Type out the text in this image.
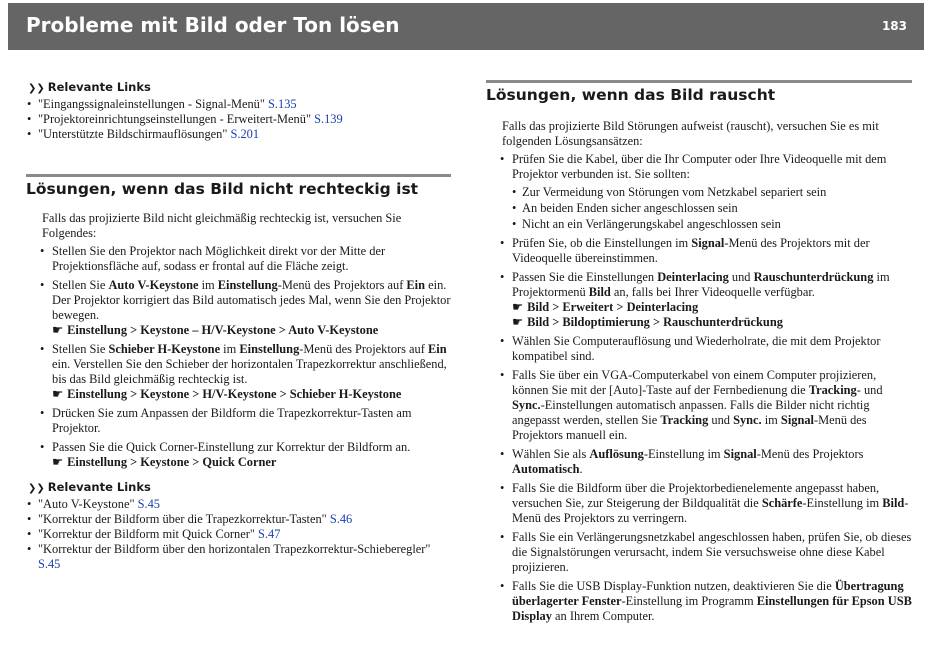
Probleme mit Bild oder Ton lösen	183
❯❯ Relevante Links
• "Eingangssignaleinstellungen - Signal-Menü" S.135
• "Projektoreinrichtungseinstellungen - Erweitert-Menü" S.139
• "Unterstützte Bildschirmauflösungen" S.201
Lösungen, wenn das Bild nicht rechteckig ist

Falls das projizierte Bild nicht gleichmäßig rechteckig ist, versuchen Sie Folgendes:

• Stellen Sie den Projektor nach Möglichkeit direkt vor der Mitte der Projektionsfläche auf, sodass er frontal auf die Fläche zeigt.
• Stellen Sie Auto V-Keystone im Einstellung-Menü des Projektors auf Ein ein. Der Projektor korrigiert das Bild automatisch jedes Mal, wenn Sie den Projektor bewegen.
☛ Einstellung > Keystone – H/V-Keystone > Auto V-Keystone
• Stellen Sie Schieber H-Keystone im Einstellung-Menü des Projektors auf Ein ein. Verstellen Sie den Schieber der horizontalen Trapezkorrektur anschließend, bis das Bild gleichmäßig rechteckig ist.
☛ Einstellung > Keystone > H/V-Keystone > Schieber H-Keystone
• Drücken Sie zum Anpassen der Bildform die Trapezkorrektur-Tasten am Projektor.
• Passen Sie die Quick Corner-Einstellung zur Korrektur der Bildform an.
☛ Einstellung > Keystone > Quick Corner
❯❯ Relevante Links
• "Auto V-Keystone" S.45
• "Korrektur der Bildform über die Trapezkorrektur-Tasten" S.46
• "Korrektur der Bildform mit Quick Corner" S.47
• "Korrektur der Bildform über den horizontalen Trapezkorrektur-Schieberegler" S.45
Lösungen, wenn das Bild rauscht

Falls das projizierte Bild Störungen aufweist (rauscht), versuchen Sie es mit folgenden Lösungsansätzen:

• Prüfen Sie die Kabel, über die Ihr Computer oder Ihre Videoquelle mit dem Projektor verbunden ist. Sie sollten:
• Zur Vermeidung von Störungen vom Netzkabel separiert sein
• An beiden Enden sicher angeschlossen sein
• Nicht an ein Verlängerungskabel angeschlossen sein
• Prüfen Sie, ob die Einstellungen im Signal-Menü des Projektors mit der Videoquelle übereinstimmen.
• Passen Sie die Einstellungen Deinterlacing und Rauschunterdrückung im Projektormenü Bild an, falls bei Ihrer Videoquelle verfügbar.
☛ Bild > Erweitert > Deinterlacing
☛ Bild > Bildoptimierung > Rauschunterdrückung
• Wählen Sie Computerauflösung und Wiederholrate, die mit dem Projektor kompatibel sind.
• Falls Sie über ein VGA-Computerkabel von einem Computer projizieren, können Sie mit der [Auto]-Taste auf der Fernbedienung die Tracking- und Sync.-Einstellungen automatisch anpassen. Falls die Bilder nicht richtig angepasst werden, stellen Sie Tracking und Sync. im Signal-Menü des Projektors manuell ein.
• Wählen Sie als Auflösung-Einstellung im Signal-Menü des Projektors Automatisch.
• Falls Sie die Bildform über die Projektorbedienelemente angepasst haben, versuchen Sie, zur Steigerung der Bildqualität die Schärfe-Einstellung im Bild-Menü des Projektors zu verringern.
• Falls Sie ein Verlängerungsnetzkabel angeschlossen haben, prüfen Sie, ob dieses die Signalstörungen verursacht, indem Sie versuchsweise ohne diese Kabel projizieren.
• Falls Sie die USB Display-Funktion nutzen, deaktivieren Sie die Übertragung überlagerter Fenster-Einstellung im Programm Einstellungen für Epson USB Display an Ihrem Computer.
